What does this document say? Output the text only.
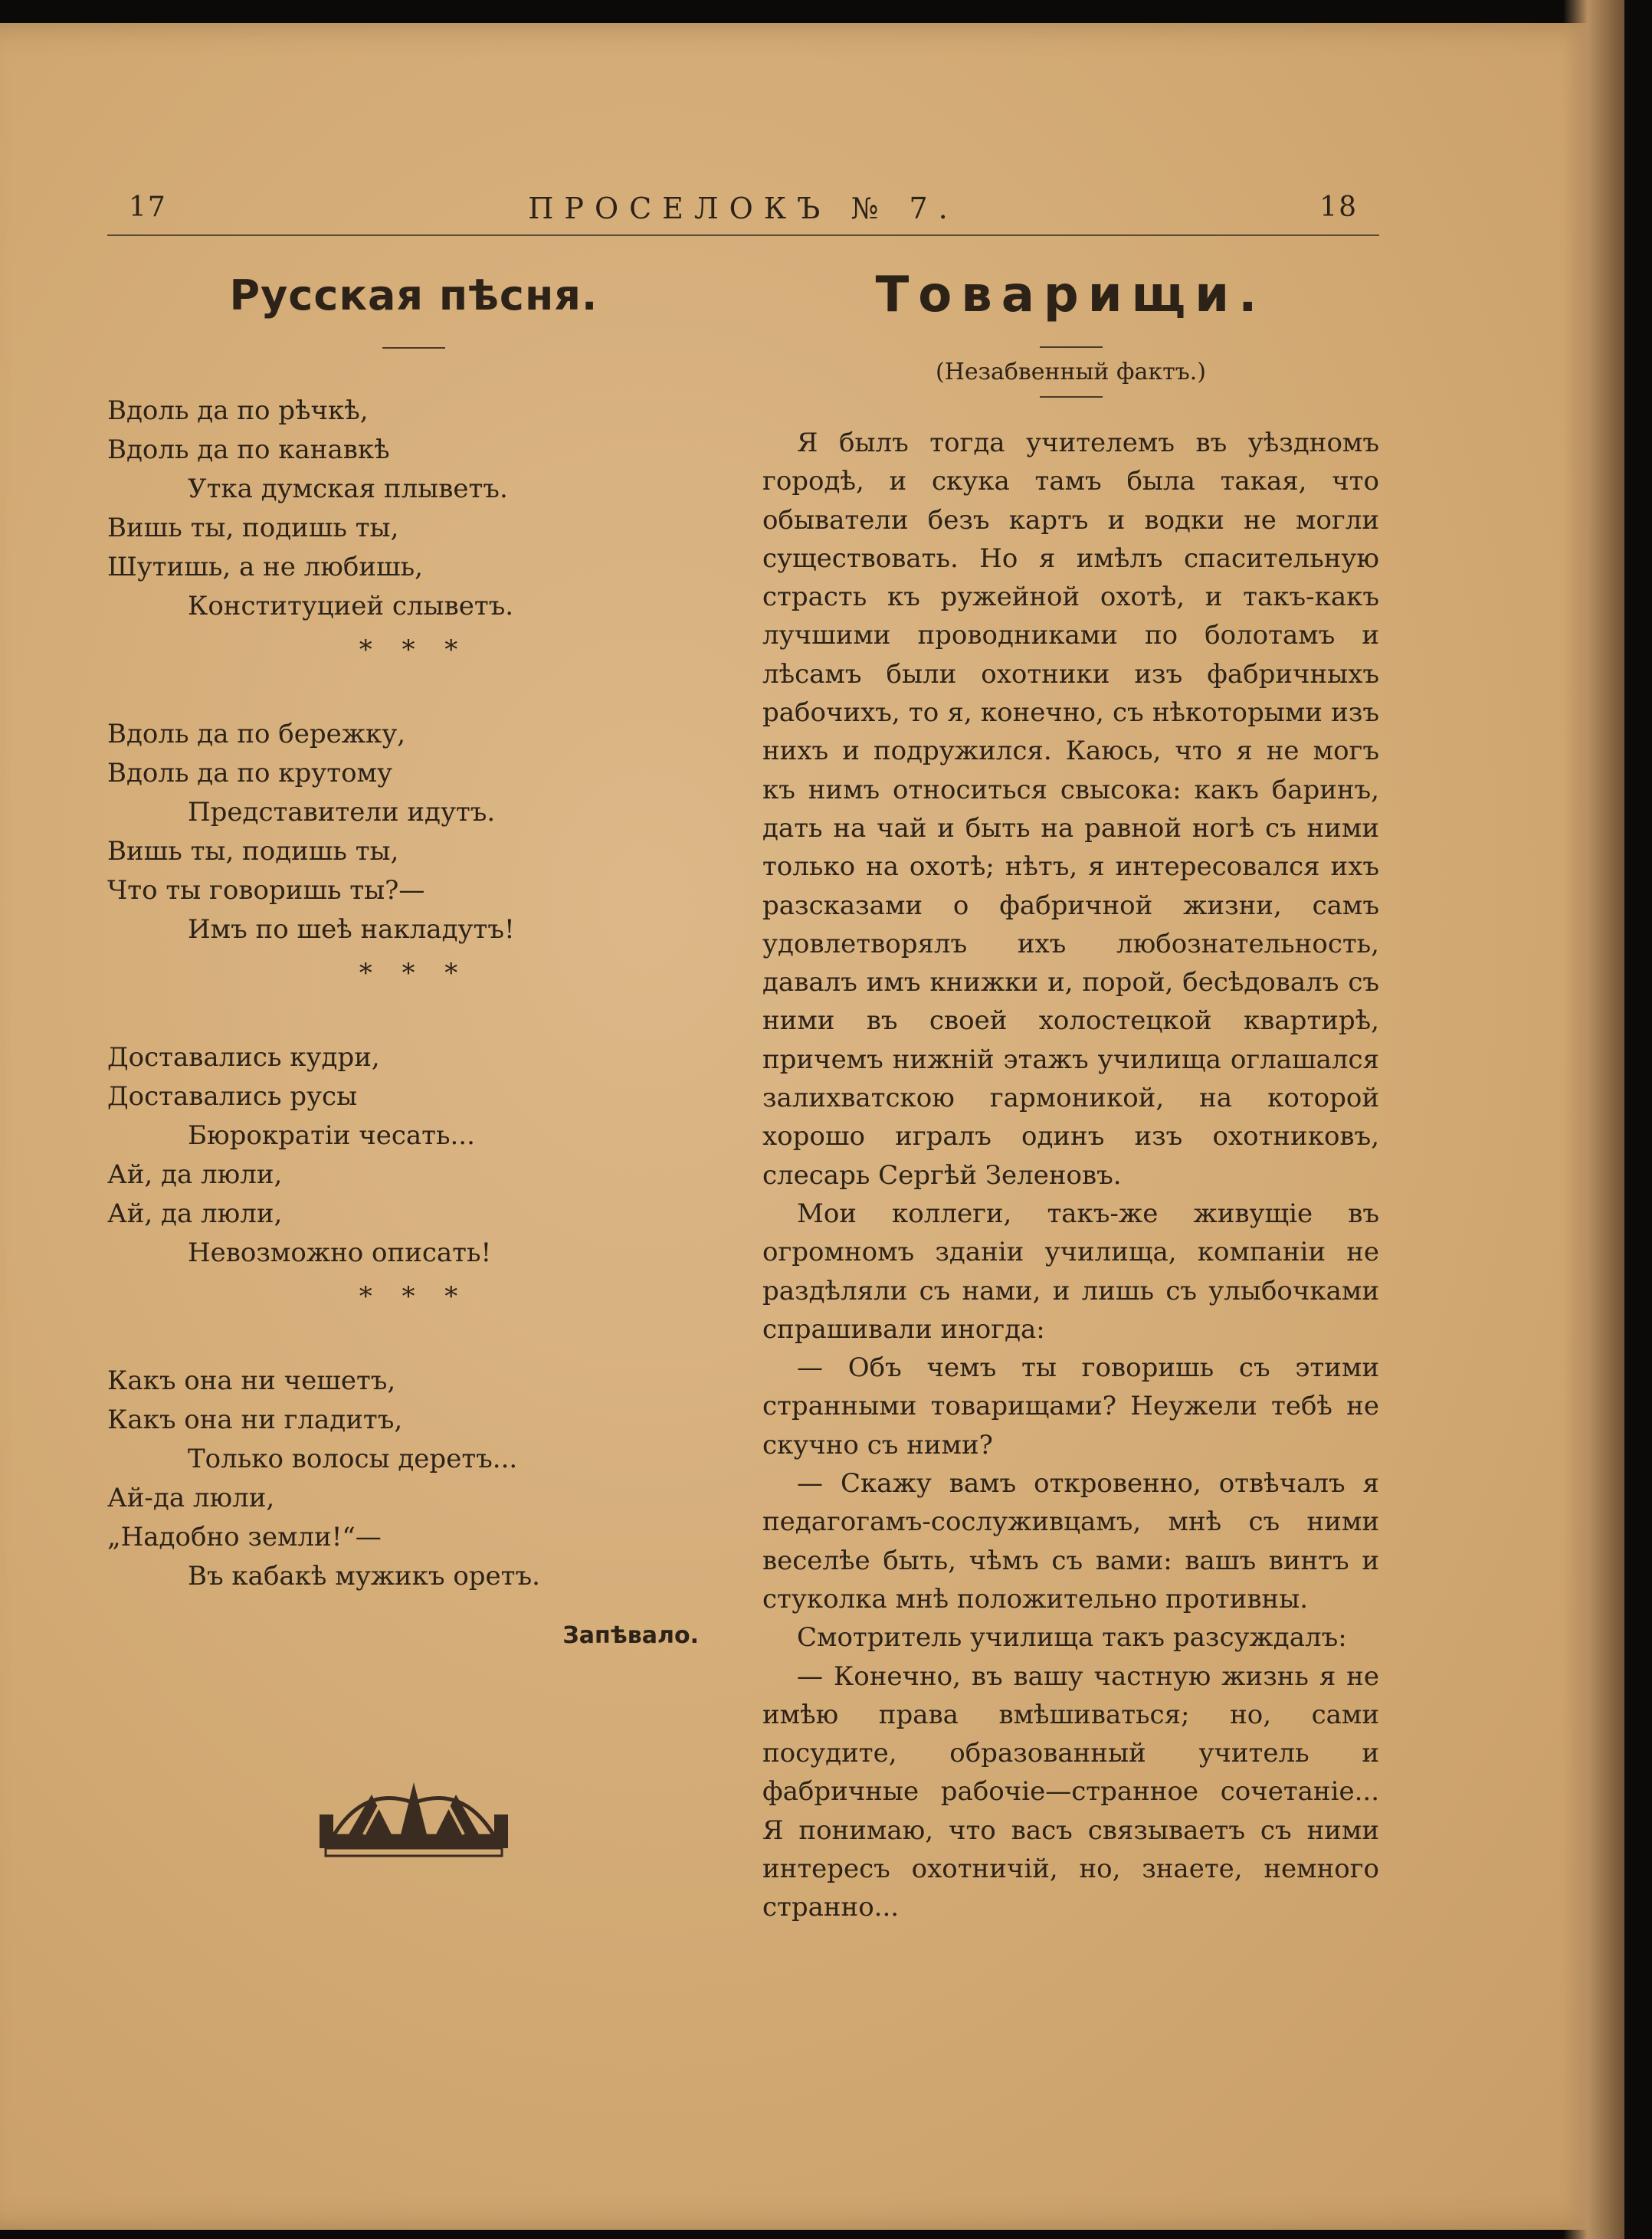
17	ПРОСЕЛОКЪ № 7.	18
Русская пѣсня.
Вдоль да по рѣчкѣ,
Вдоль да по канавкѣ
Утка думская плыветъ.
Вишь ты, подишь ты,
Шутишь, а не любишь,
Конституцией слыветъ.
* * *
Вдоль да по бережку,
Вдоль да по крутому
Представители идутъ.
Вишь ты, подишь ты,
Что ты говоришь ты?—
Имъ по шеѣ накладутъ!
* * *
Доставались кудри,
Доставались русы
Бюрократiи чесать...
Ай, да люли,
Ай, да люли,
Невозможно описать!
* * *
Какъ она ни чешетъ,
Какъ она ни гладитъ,
Только волосы деретъ...
Ай-да люли,
„Надобно земли!“—
Въ кабакѣ мужикъ оретъ.
Запѣвало.
Товарищи.
(Незабвенный фактъ.)

Я былъ тогда учителемъ въ уѣздномъ городѣ, и скука тамъ была такая, что обыватели безъ картъ и водки не могли существовать. Но я имѣлъ спасительную страсть къ ружейной охотѣ, и такъ-какъ лучшими проводниками по болотамъ и лѣсамъ были охотники изъ фабричныхъ рабочихъ, то я, конечно, съ нѣкоторыми изъ нихъ и подружился. Каюсь, что я не могъ къ нимъ относиться свысока: какъ баринъ, дать на чай и быть на равной ногѣ съ ними только на охотѣ; нѣтъ, я интересовался ихъ разсказами о фабричной жизни, самъ удовлетворялъ ихъ любознательность, давалъ имъ книжки и, порой, бесѣдовалъ съ ними въ своей холостецкой квартирѣ, причемъ нижнiй этажъ училища оглашался залихватскою гармоникой, на которой хорошо игралъ одинъ изъ охотниковъ, слесарь Сергѣй Зеленовъ.

Мои коллеги, такъ-же живущiе въ огромномъ зданiи училища, компанiи не раздѣляли съ нами, и лишь съ улыбочками спрашивали иногда:

— Объ чемъ ты говоришь съ этими странными товарищами? Неужели тебѣ не скучно съ ними?

— Скажу вамъ откровенно, отвѣчалъ я педагогамъ-сослуживцамъ, мнѣ съ ними веселѣе быть, чѣмъ съ вами: вашъ винтъ и стуколка мнѣ положительно противны.

Смотритель училища такъ разсуждалъ:

— Конечно, въ вашу частную жизнь я не имѣю права вмѣшиваться; но, сами посудите, образованный учитель и фабричные рабочiе—странное сочетанiе... Я понимаю, что васъ связываетъ съ ними интересъ охотничiй, но, знаете, немного странно...
